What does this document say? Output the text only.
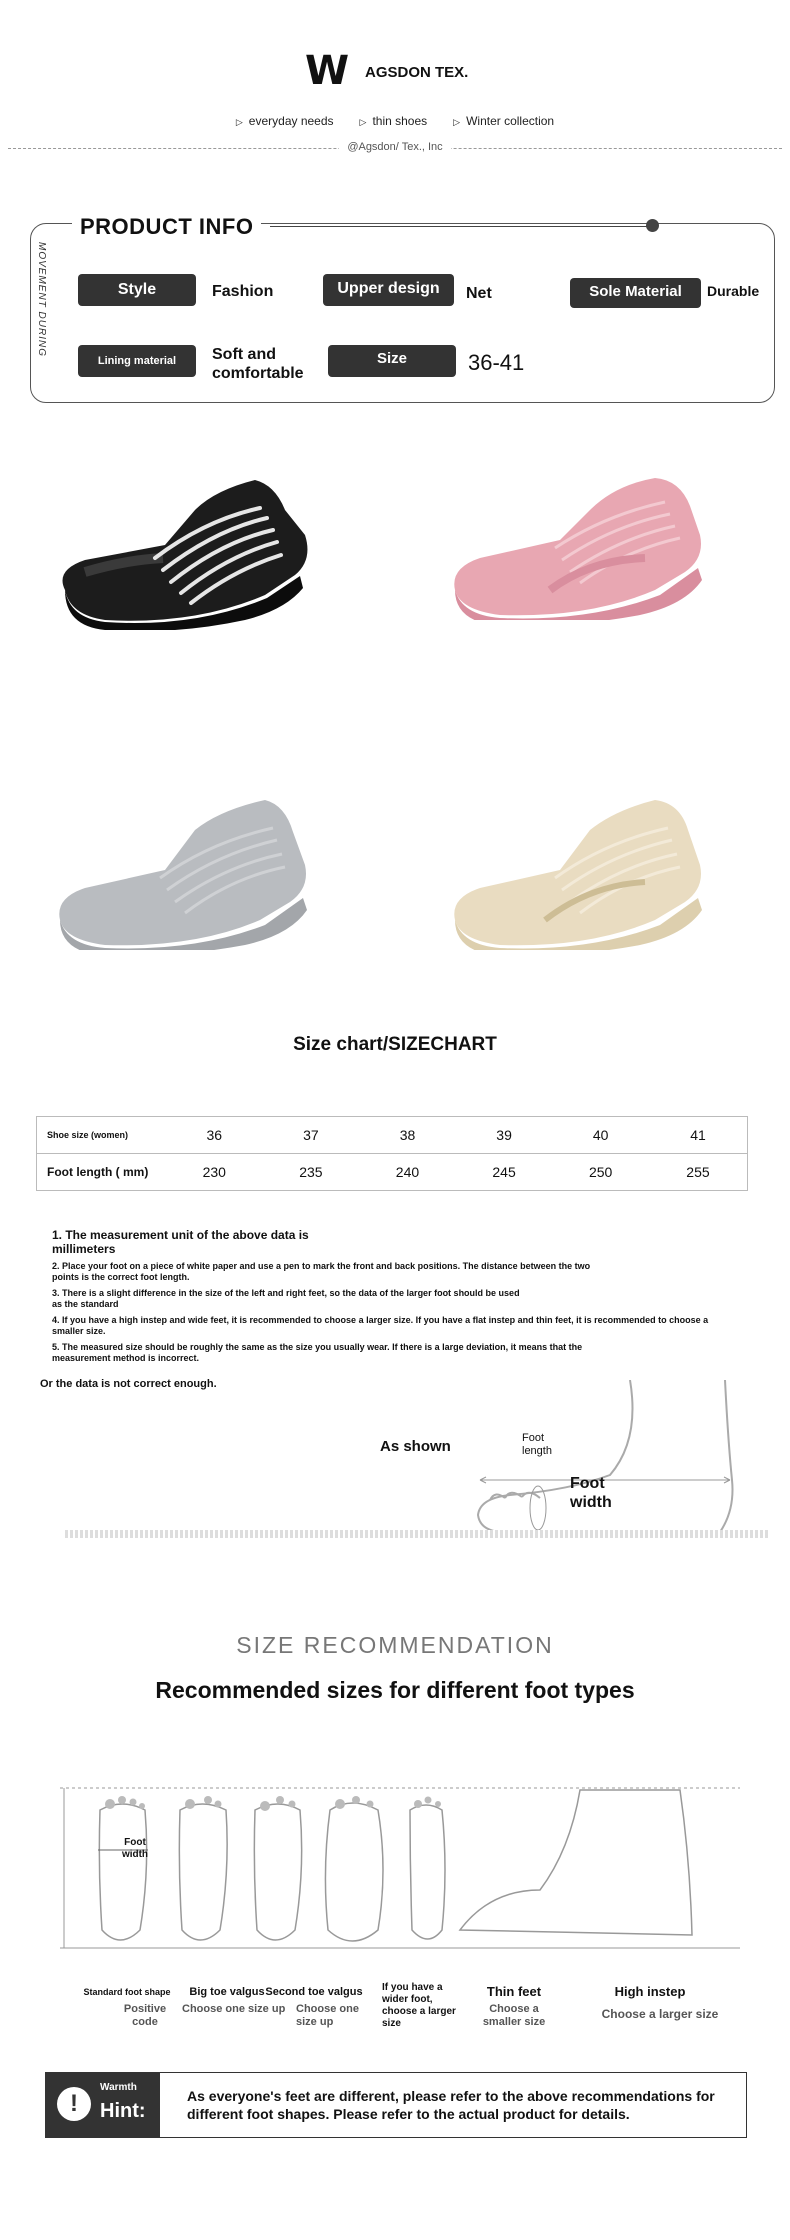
W AGSDON TEX.
▷ everyday needs	▷ thin shoes	▷ Winter collection
@Agsdon/ Tex., Inc
PRODUCT INFO
MOVEMENT DURING	Style	Fashion	Upper design	Net	Sole Material	Durable
Lining material	Soft and comfortable
Size	36-41
Size chart/SIZECHART
Shoe size (women)	36	37	38	39	40	41
Foot length ( mm)	230	235	240	245	250	255

1. The measurement unit of the above data is millimeters

2. Place your foot on a piece of white paper and use a pen to mark the front and back positions. The distance between the two points is the correct foot length.

3. There is a slight difference in the size of the left and right feet, so the data of the larger foot should be used as the standard

4. If you have a high instep and wide feet, it is recommended to choose a larger size. If you have a flat instep and thin feet, it is recommended to choose a smaller size.

5. The measured size should be roughly the same as the size you usually wear. If there is a large deviation, it means that the measurement method is incorrect.

Or the data is not correct enough.
As shown	Foot length
Foot width
SIZE RECOMMENDATION
Recommended sizes for different foot types
Foot width
Standard foot shape
Positive code
Big toe valgus
Choose one size up
Second toe valgus
Choose one size up
If you have a wider foot, choose a larger size
Thin feet
Choose a smaller size
High instep
Choose a larger size
!
Warmth
Hint:
As everyone's feet are different, please refer to the above recommendations for different foot shapes. Please refer to the actual product for details.
